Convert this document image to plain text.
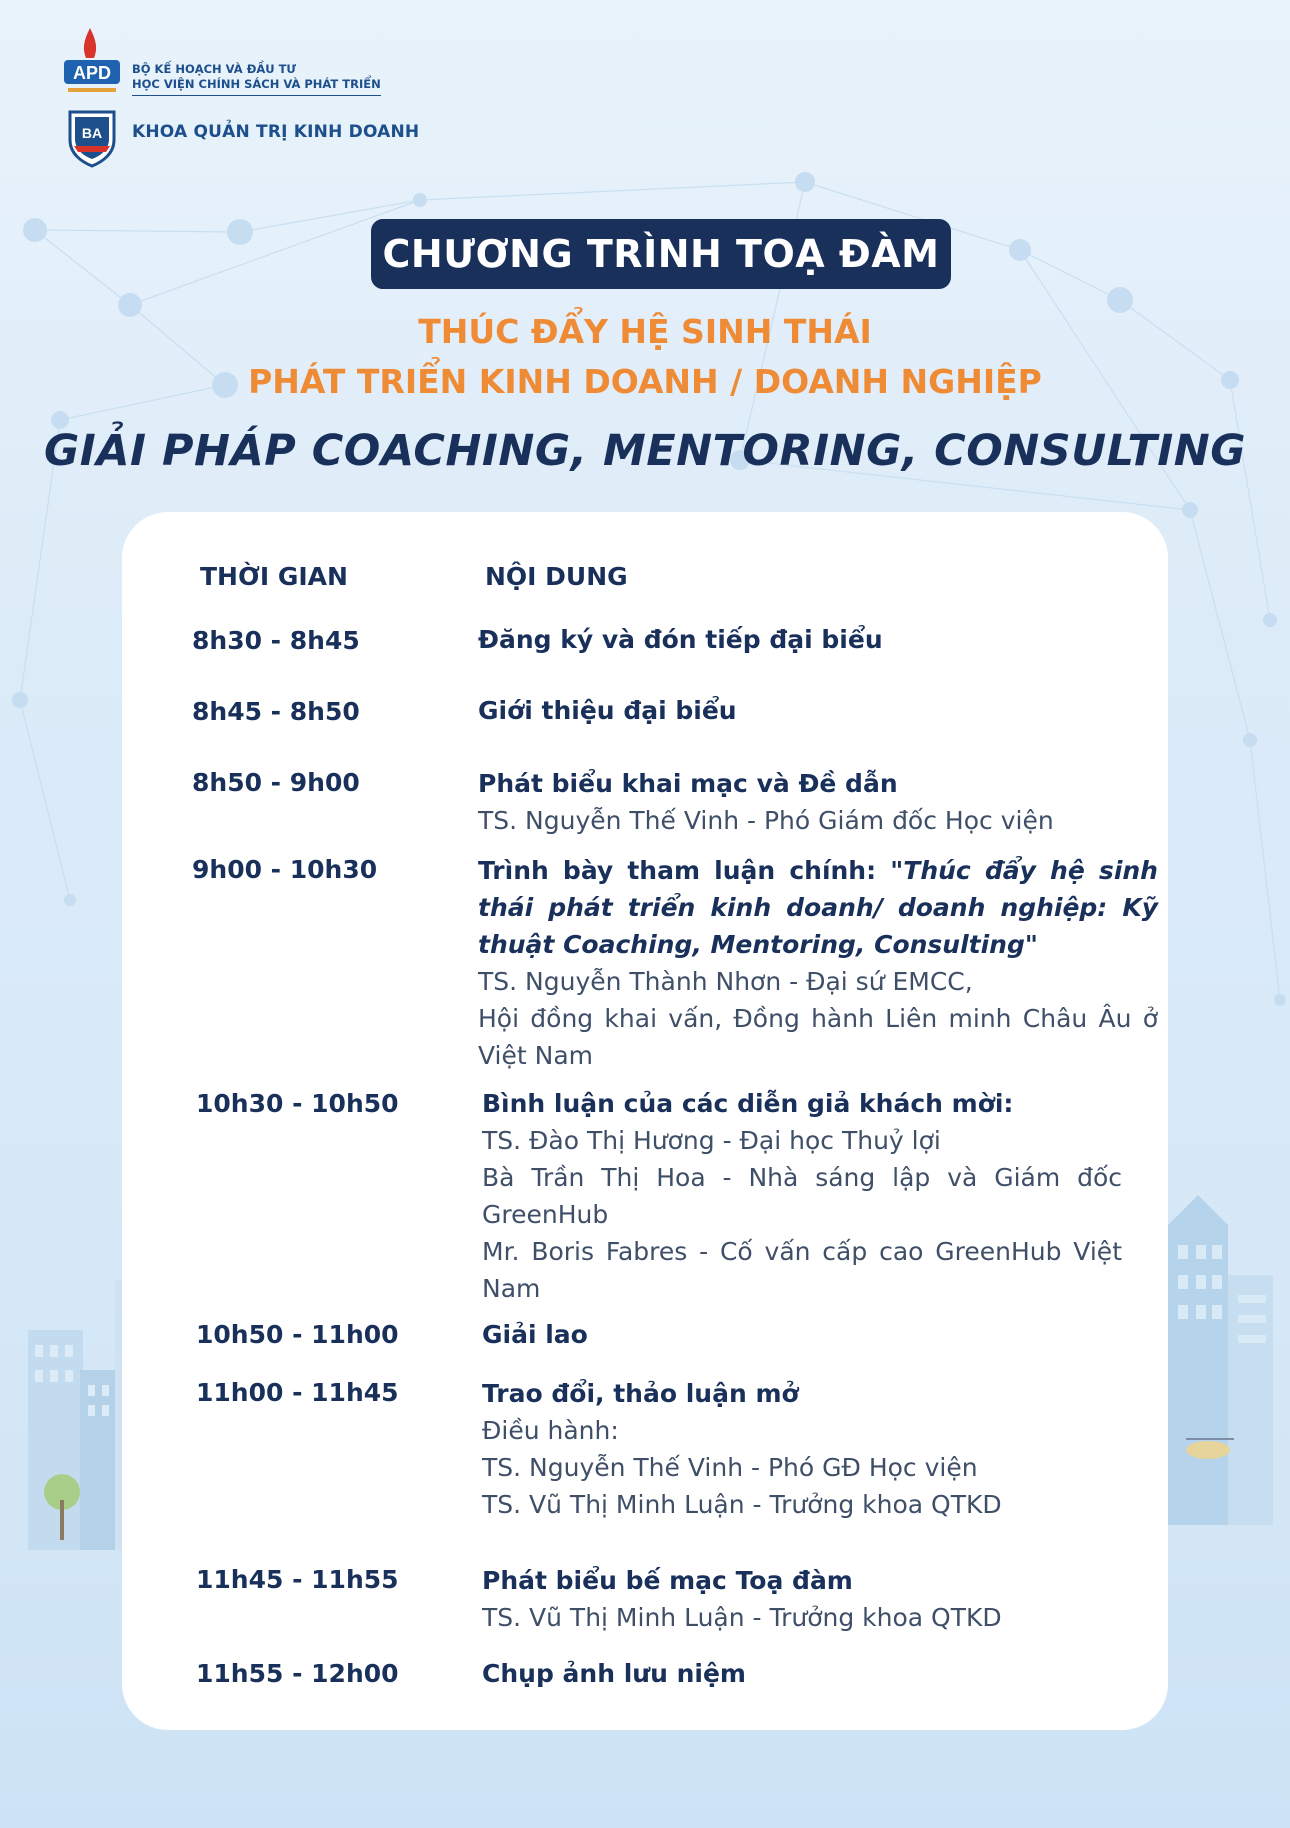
APD BỘ KẾ HOẠCH VÀ ĐẦU TƯ
HỌC VIỆN CHÍNH SÁCH VÀ PHÁT TRIỂN
BA KHOA QUẢN TRỊ KINH DOANH
CHƯƠNG TRÌNH TOẠ ĐÀM
THÚC ĐẨY HỆ SINH THÁI
PHÁT TRIỂN KINH DOANH / DOANH NGHIỆP
GIẢI PHÁP COACHING, MENTORING, CONSULTING
THỜI GIAN	NỘI DUNG
8h30 - 8h45	Đăng ký và đón tiếp đại biểu
8h45 - 8h50	Giới thiệu đại biểu
8h50 - 9h00	Phát biểu khai mạc và Đề dẫn
TS. Nguyễn Thế Vinh - Phó Giám đốc Học viện
9h00 - 10h30	Trình bày tham luận chính: "Thúc đẩy hệ sinh thái phát triển kinh doanh/ doanh nghiệp: Kỹ thuật Coaching, Mentoring, Consulting"
TS. Nguyễn Thành Nhơn - Đại sứ EMCC,
Hội đồng khai vấn, Đồng hành Liên minh Châu Âu ở Việt Nam
10h30 - 10h50	Bình luận của các diễn giả khách mời:
TS. Đào Thị Hương - Đại học Thuỷ lợi
Bà Trần Thị Hoa - Nhà sáng lập và Giám đốc GreenHub
Mr. Boris Fabres - Cố vấn cấp cao GreenHub Việt Nam
10h50 - 11h00	Giải lao
11h00 - 11h45	Trao đổi, thảo luận mở
Điều hành:
TS. Nguyễn Thế Vinh - Phó GĐ Học viện
TS. Vũ Thị Minh Luận - Trưởng khoa QTKD
11h45 - 11h55	Phát biểu bế mạc Toạ đàm
TS. Vũ Thị Minh Luận - Trưởng khoa QTKD
11h55 - 12h00	Chụp ảnh lưu niệm
